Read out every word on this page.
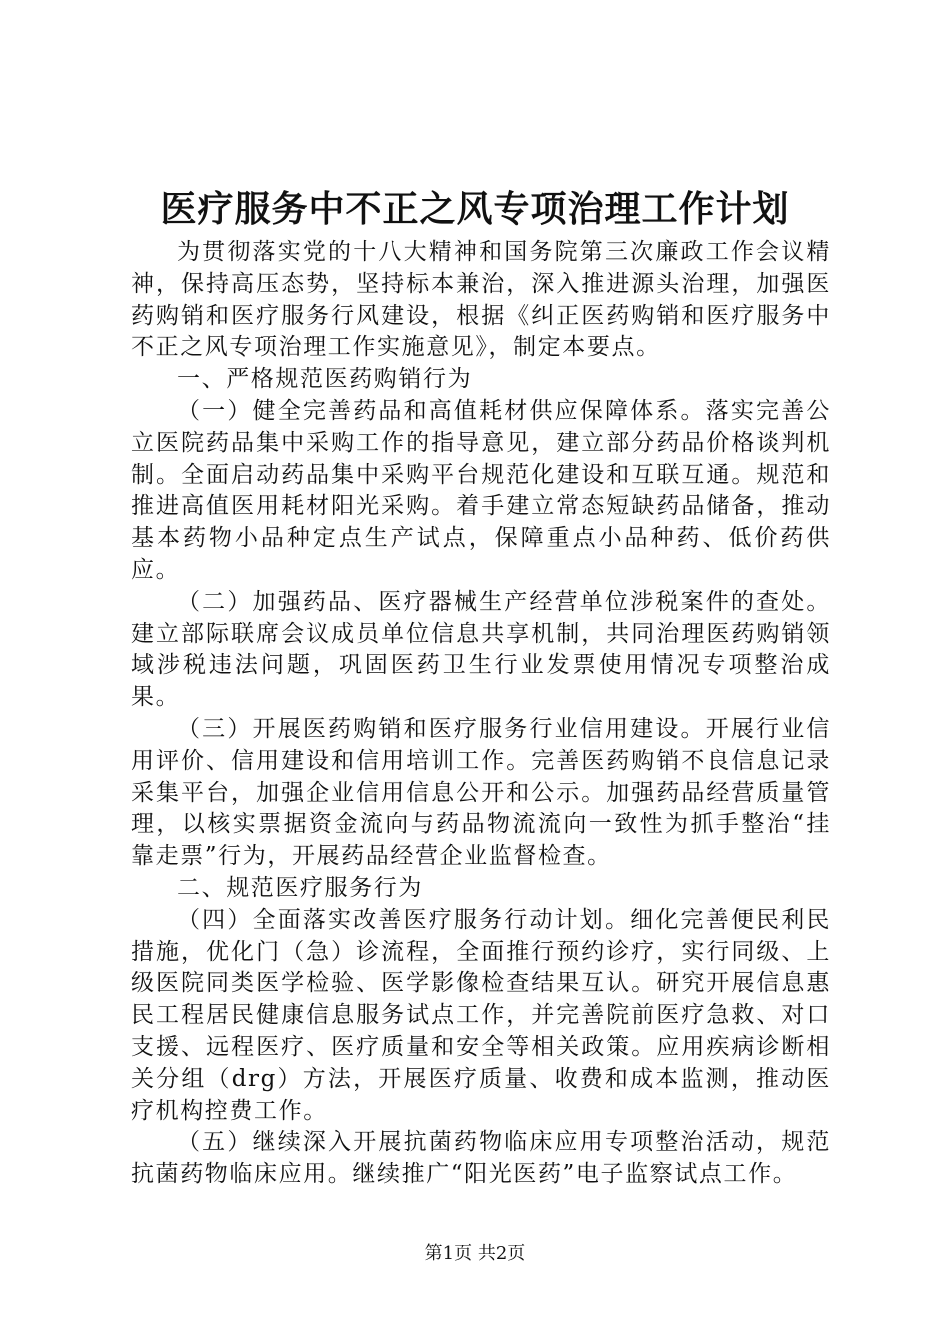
医疗服务中不正之风专项治理工作计划

为贯彻落实党的十八大精神和国务院第三次廉政工作会议精神，保持高压态势，坚持标本兼治，深入推进源头治理，加强医药购销和医疗服务行风建设，根据《纠正医药购销和医疗服务中不正之风专项治理工作实施意见》，制定本要点。

一、严格规范医药购销行为

（一）健全完善药品和高值耗材供应保障体系。落实完善公立医院药品集中采购工作的指导意见，建立部分药品价格谈判机制。全面启动药品集中采购平台规范化建设和互联互通。规范和推进高值医用耗材阳光采购。着手建立常态短缺药品储备，推动基本药物小品种定点生产试点，保障重点小品种药、低价药供应。

（二）加强药品、医疗器械生产经营单位涉税案件的查处。建立部际联席会议成员单位信息共享机制，共同治理医药购销领域涉税违法问题，巩固医药卫生行业发票使用情况专项整治成果。

（三）开展医药购销和医疗服务行业信用建设。开展行业信用评价、信用建设和信用培训工作。完善医药购销不良信息记录采集平台，加强企业信用信息公开和公示。加强药品经营质量管理，以核实票据资金流向与药品物流流向一致性为抓手整治“挂靠走票”行为，开展药品经营企业监督检查。

二、规范医疗服务行为

（四）全面落实改善医疗服务行动计划。细化完善便民利民措施，优化门（急）诊流程，全面推行预约诊疗，实行同级、上级医院同类医学检验、医学影像检查结果互认。研究开展信息惠民工程居民健康信息服务试点工作，并完善院前医疗急救、对口支援、远程医疗、医疗质量和安全等相关政策。应用疾病诊断相关分组（drg）方法，开展医疗质量、收费和成本监测，推动医疗机构控费工作。

（五）继续深入开展抗菌药物临床应用专项整治活动，规范抗菌药物临床应用。继续推广“阳光医药”电子监察试点工作。

第1页 共2页
